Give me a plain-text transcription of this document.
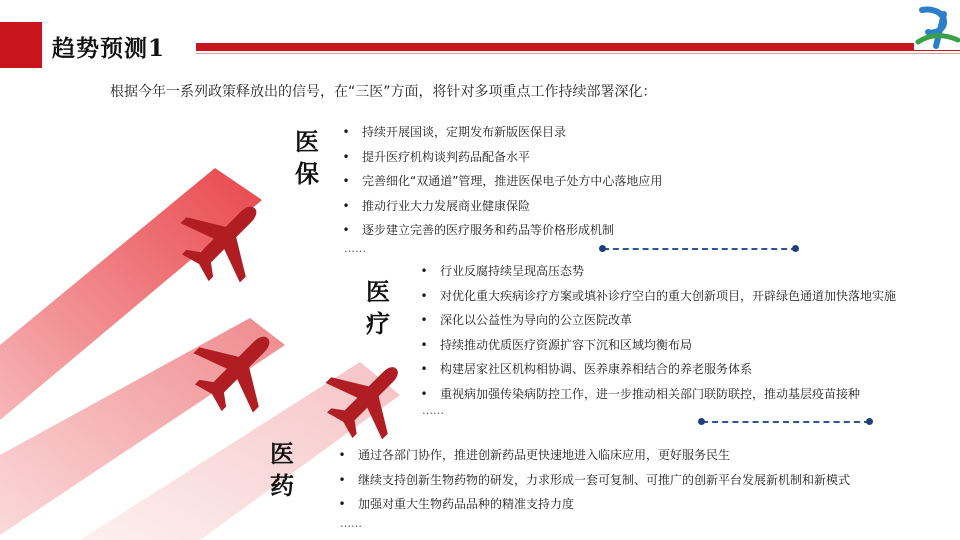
趋势预测1
根据今年一系列政策释放出的信号，在“三医”方面，将针对多项重点工作持续部署深化：
医
保
• 持续开展国谈，定期发布新版医保目录
• 提升医疗机构谈判药品配备水平
• 完善细化“双通道”管理，推进医保电子处方中心落地应用
• 推动行业大力发展商业健康保险
• 逐步建立完善的医疗服务和药品等价格形成机制
……
医
疗
• 行业反腐持续呈现高压态势
• 对优化重大疾病诊疗方案或填补诊疗空白的重大创新项目，开辟绿色通道加快落地实施
• 深化以公益性为导向的公立医院改革
• 持续推动优质医疗资源扩容下沉和区域均衡布局
• 构建居家社区机构相协调、医养康养相结合的养老服务体系
• 重视病加强传染病防控工作，进一步推动相关部门联防联控，推动基层疫苗接种
……
医
药
• 通过各部门协作，推进创新药品更快速地进入临床应用，更好服务民生
• 继续支持创新生物药物的研发，力求形成一套可复制、可推广的创新平台发展新机制和新模式
• 加强对重大生物药品品种的精准支持力度
……
